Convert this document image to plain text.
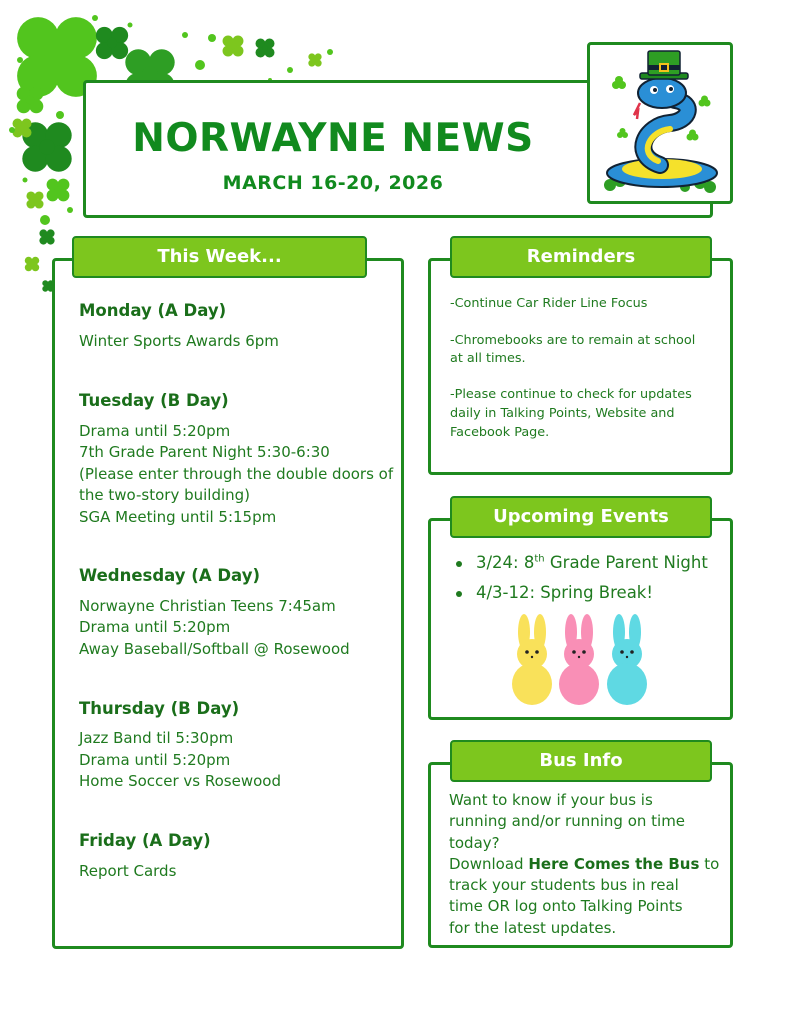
NORWAYNE NEWS
MARCH 16-20, 2026
This Week...
Monday (A Day)
Winter Sports Awards 6pm
Tuesday (B Day)
Drama until 5:20pm
7th Grade Parent Night 5:30-6:30
(Please enter through the double doors of
the two-story building)
SGA Meeting until 5:15pm
Wednesday (A Day)
Norwayne Christian Teens 7:45am
Drama until 5:20pm
Away Baseball/Softball @ Rosewood
Thursday (B Day)
Jazz Band til 5:30pm
Drama until 5:20pm
Home Soccer vs Rosewood
Friday (A Day)
Report Cards
Reminders
-Continue Car Rider Line Focus
-Chromebooks are to remain at school
at all times.
-Please continue to check for updates
daily in Talking Points, Website and
Facebook Page.
Upcoming Events
3/24: 8th Grade Parent Night
4/3-12: Spring Break!
Bus Info
Want to know if your bus is
running and/or running on time
today?
Download Here Comes the Bus to
track your students bus in real
time OR log onto Talking Points
for the latest updates.
